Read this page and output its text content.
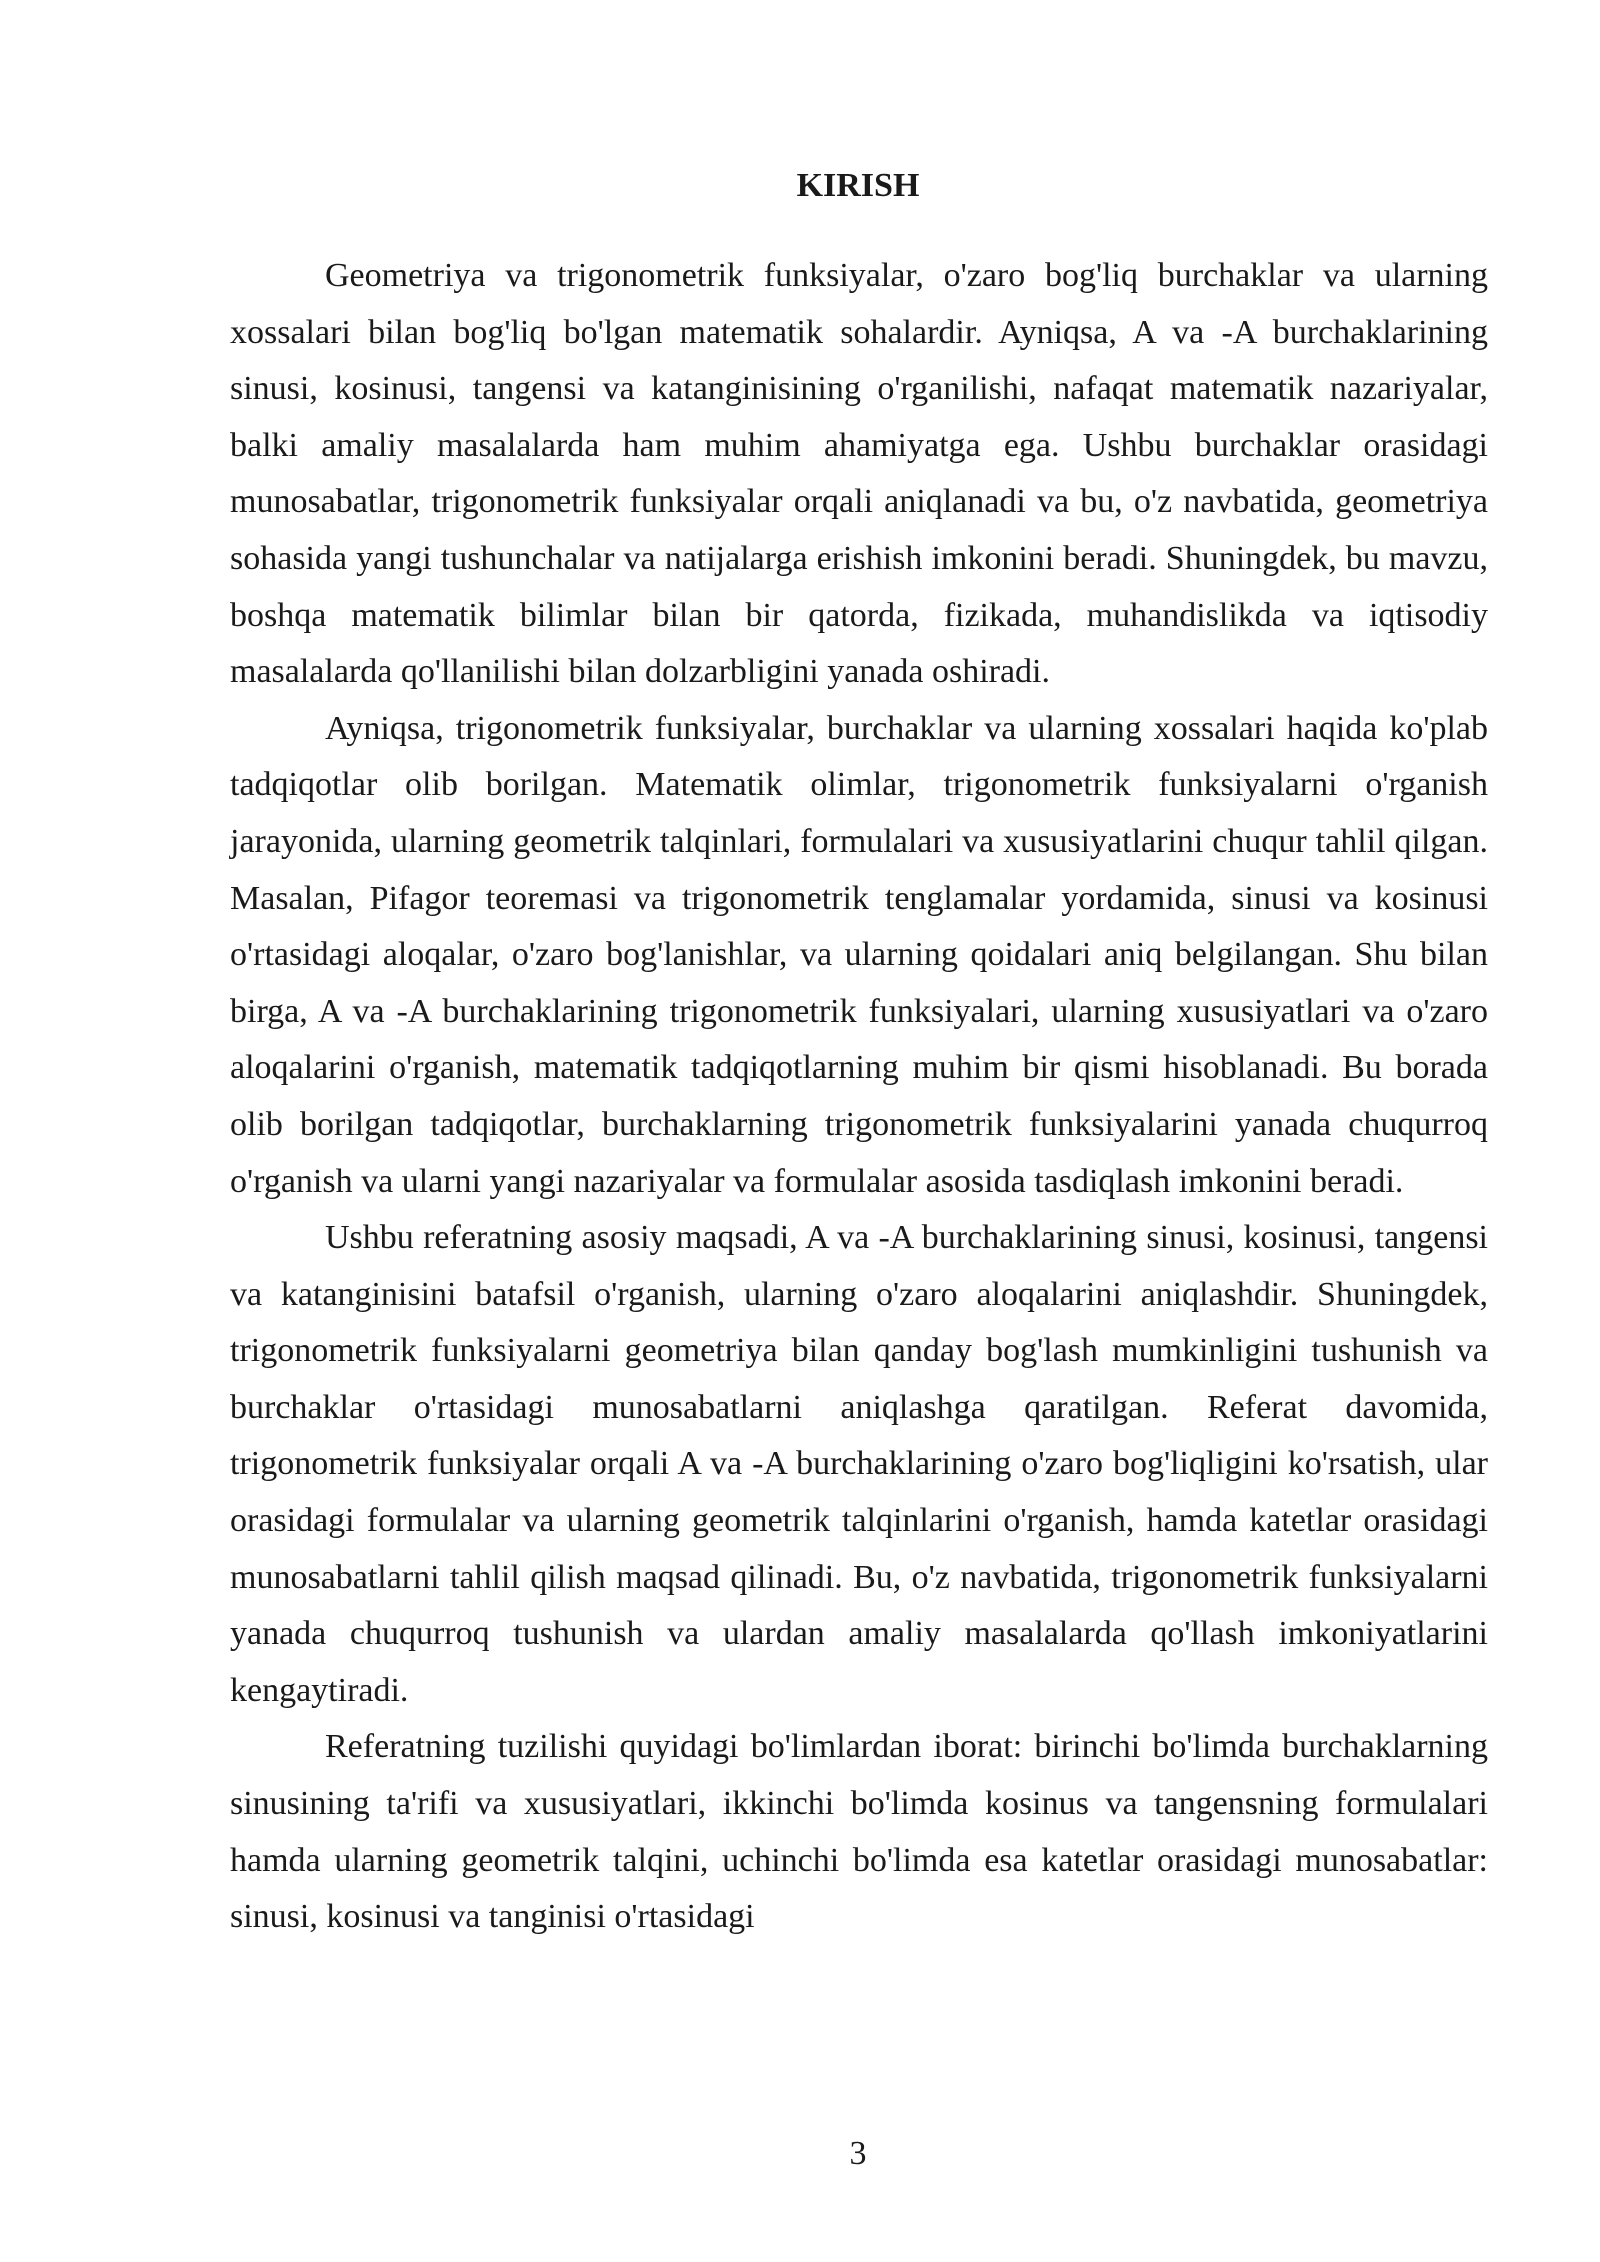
KIRISH

Geometriya va trigonometrik funksiyalar, o'zaro bog'liq burchaklar va ularning xossalari bilan bog'liq bo'lgan matematik sohalardir. Ayniqsa, A va -A burchaklarining sinusi, kosinusi, tangensi va katanginisining o'rganilishi, nafaqat matematik nazariyalar, balki amaliy masalalarda ham muhim ahamiyatga ega. Ushbu burchaklar orasidagi munosabatlar, trigonometrik funksiyalar orqali aniqlanadi va bu, o'z navbatida, geometriya sohasida yangi tushunchalar va natijalarga erishish imkonini beradi. Shuningdek, bu mavzu, boshqa matematik bilimlar bilan bir qatorda, fizikada, muhandislikda va iqtisodiy masalalarda qo'llanilishi bilan dolzarbligini yanada oshiradi.

Ayniqsa, trigonometrik funksiyalar, burchaklar va ularning xossalari haqida ko'plab tadqiqotlar olib borilgan. Matematik olimlar, trigonometrik funksiyalarni o'rganish jarayonida, ularning geometrik talqinlari, formulalari va xususiyatlarini chuqur tahlil qilgan. Masalan, Pifagor teoremasi va trigonometrik tenglamalar yordamida, sinusi va kosinusi o'rtasidagi aloqalar, o'zaro bog'lanishlar, va ularning qoidalari aniq belgilangan. Shu bilan birga, A va -A burchaklarining trigonometrik funksiyalari, ularning xususiyatlari va o'zaro aloqalarini o'rganish, matematik tadqiqotlarning muhim bir qismi hisoblanadi. Bu borada olib borilgan tadqiqotlar, burchaklarning trigonometrik funksiyalarini yanada chuqurroq o'rganish va ularni yangi nazariyalar va formulalar asosida tasdiqlash imkonini beradi.

Ushbu referatning asosiy maqsadi, A va -A burchaklarining sinusi, kosinusi, tangensi va katanginisini batafsil o'rganish, ularning o'zaro aloqalarini aniqlashdir. Shuningdek, trigonometrik funksiyalarni geometriya bilan qanday bog'lash mumkinligini tushunish va burchaklar o'rtasidagi munosabatlarni aniqlashga qaratilgan. Referat davomida, trigonometrik funksiyalar orqali A va -A burchaklarining o'zaro bog'liqligini ko'rsatish, ular orasidagi formulalar va ularning geometrik talqinlarini o'rganish, hamda katetlar orasidagi munosabatlarni tahlil qilish maqsad qilinadi. Bu, o'z navbatida, trigonometrik funksiyalarni yanada chuqurroq tushunish va ulardan amaliy masalalarda qo'llash imkoniyatlarini kengaytiradi.

Referatning tuzilishi quyidagi bo'limlardan iborat: birinchi bo'limda burchaklarning sinusining ta'rifi va xususiyatlari, ikkinchi bo'limda kosinus va tangensning formulalari hamda ularning geometrik talqini, uchinchi bo'limda esa katetlar orasidagi munosabatlar: sinusi, kosinusi va tanginisi o'rtasidagi

3
